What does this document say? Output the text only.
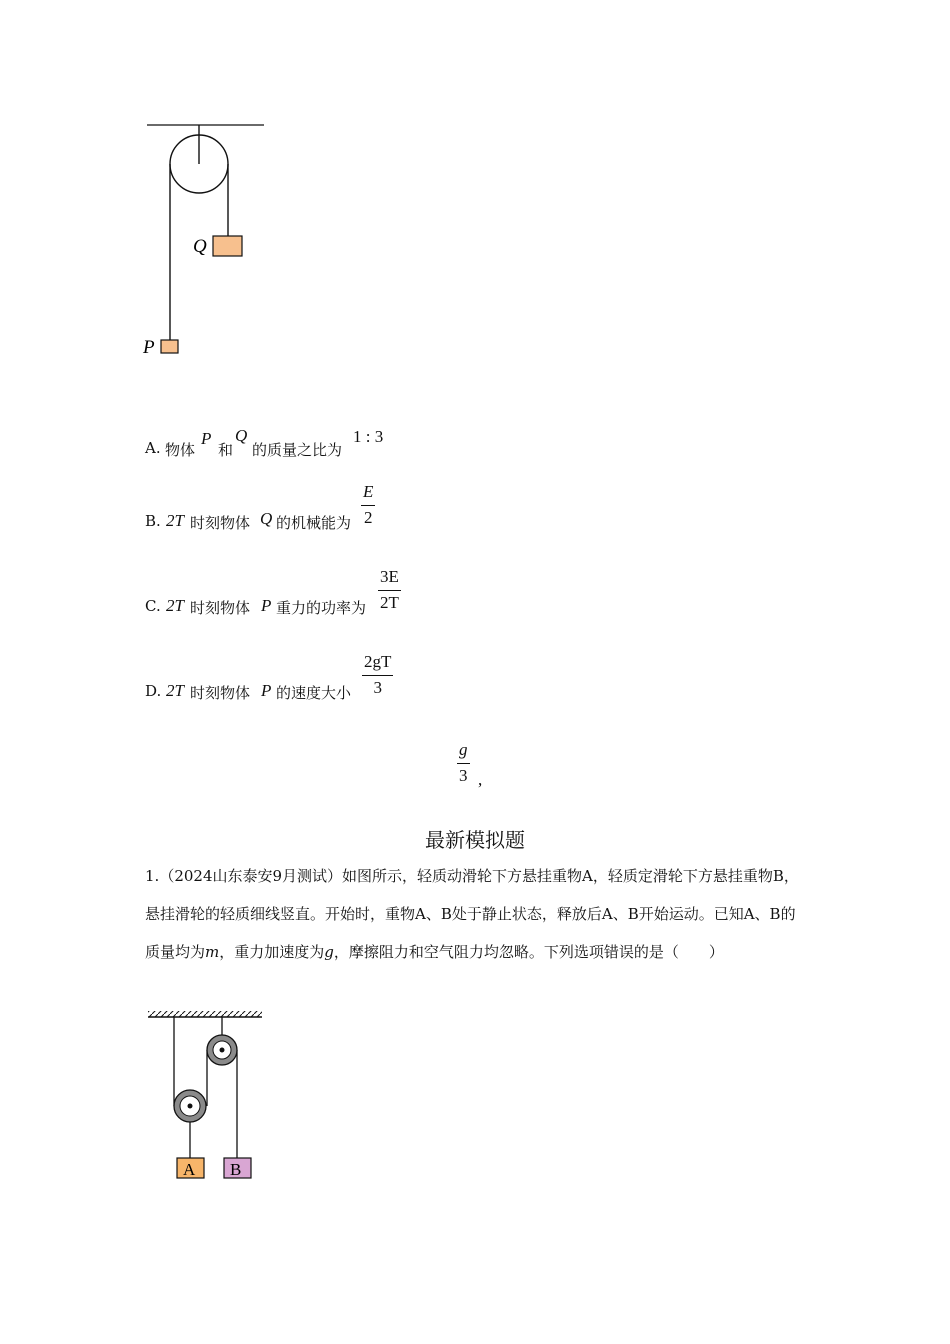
Q
P
A. 物体
P
和
Q
的质量之比为
1 : 3
B. 2T 时刻物体 Q 的机械能为 $\frac{E}{2}$
C. 2T 时刻物体 P 重力的功率为 $\frac{3E}{2T}$
D. 2T 时刻物体 P 的速度大小 $\frac{2gT}{3}$
$\frac{g}{3}$ ,
最新模拟题
1.（2024山东泰安9月测试）如图所示，轻质动滑轮下方悬挂重物A，轻质定滑轮下方悬挂重物B，悬挂滑轮的轻质细线竖直。开始时，重物A、B处于静止状态，释放后A、B开始运动。已知A、B的质量均为m，重力加速度为g，摩擦阻力和空气阻力均忽略。下列选项错误的是（　　）
A B
